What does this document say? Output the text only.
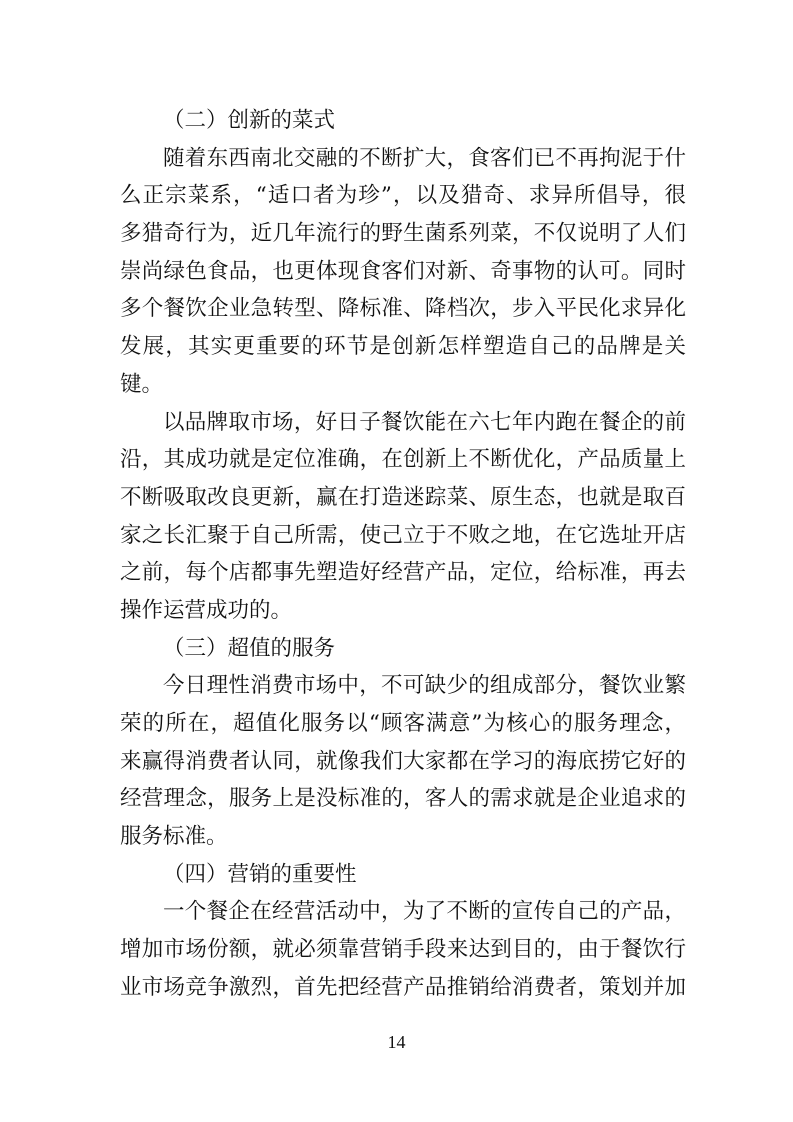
（二）创新的菜式
随着东西南北交融的不断扩大，食客们已不再拘泥于什
么正宗菜系，“适口者为珍”，以及猎奇、求异所倡导，很
多猎奇行为，近几年流行的野生菌系列菜，不仅说明了人们
崇尚绿色食品，也更体现食客们对新、奇事物的认可。同时
多个餐饮企业急转型、降标准、降档次，步入平民化求异化
发展，其实更重要的环节是创新怎样塑造自己的品牌是关
键。
以品牌取市场，好日子餐饮能在六七年内跑在餐企的前
沿，其成功就是定位准确，在创新上不断优化，产品质量上
不断吸取改良更新，赢在打造迷踪菜、原生态，也就是取百
家之长汇聚于自己所需，使己立于不败之地，在它选址开店
之前，每个店都事先塑造好经营产品，定位，给标准，再去
操作运营成功的。
（三）超值的服务
今日理性消费市场中，不可缺少的组成部分，餐饮业繁
荣的所在，超值化服务以“顾客满意”为核心的服务理念，
来赢得消费者认同，就像我们大家都在学习的海底捞它好的
经营理念，服务上是没标准的，客人的需求就是企业追求的
服务标准。
（四）营销的重要性
一个餐企在经营活动中，为了不断的宣传自己的产品，
增加市场份额，就必须靠营销手段来达到目的，由于餐饮行
业市场竞争激烈，首先把经营产品推销给消费者，策划并加
14
